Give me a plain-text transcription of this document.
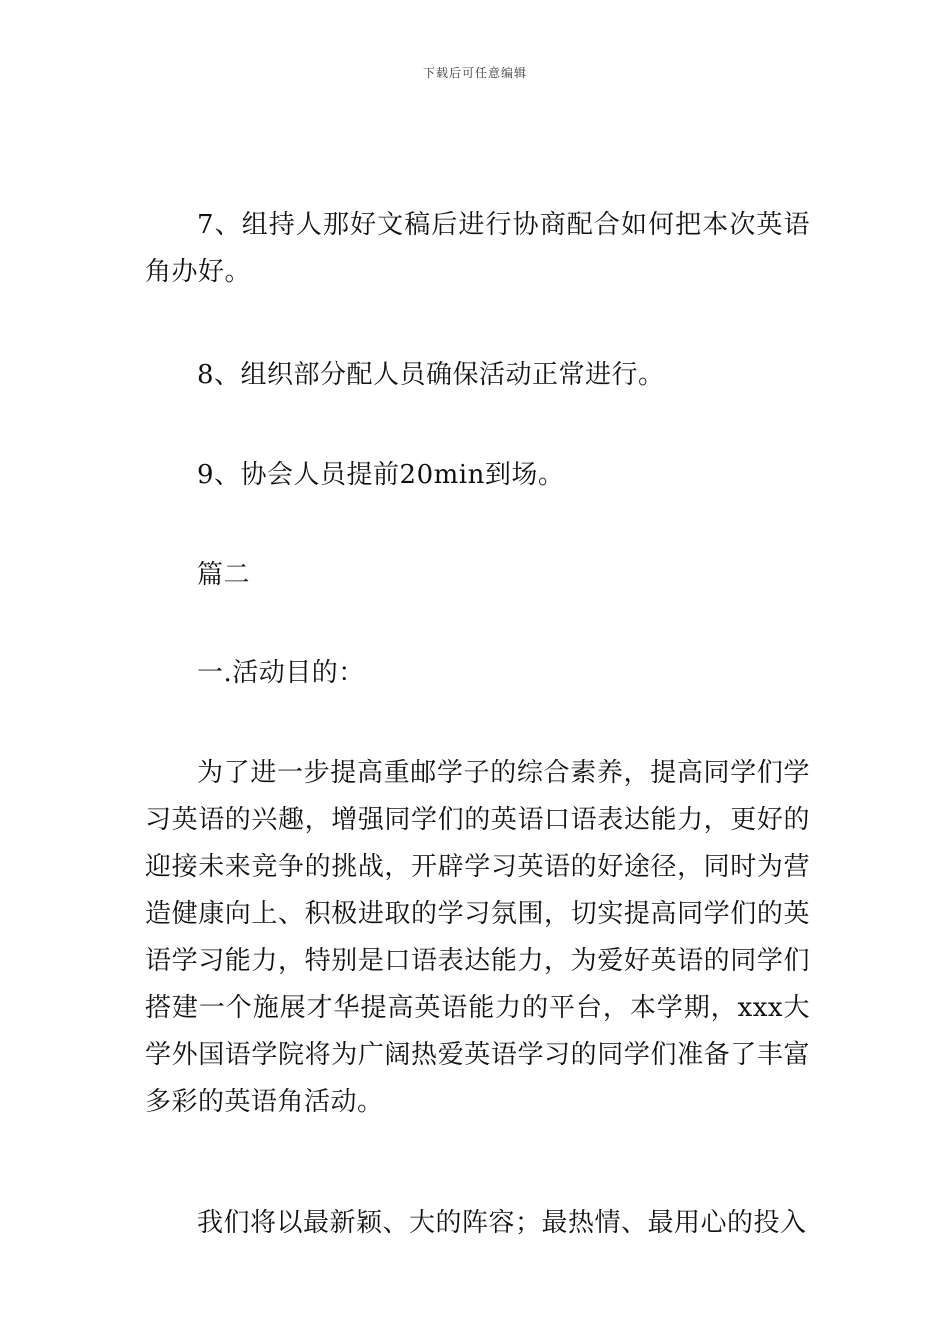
下载后可任意编辑

7、组持人那好文稿后进行协商配合如何把本次英语角办好。

8、组织部分配人员确保活动正常进行。

9、协会人员提前20min到场。

篇二

一.活动目的：

为了进一步提高重邮学子的综合素养，提高同学们学习英语的兴趣，增强同学们的英语口语表达能力，更好的迎接未来竞争的挑战，开辟学习英语的好途径，同时为营造健康向上、积极进取的学习氛围，切实提高同学们的英语学习能力，特别是口语表达能力，为爱好英语的同学们搭建一个施展才华提高英语能力的平台，本学期，xxx大学外国语学院将为广阔热爱英语学习的同学们准备了丰富多彩的英语角活动。

我们将以最新颖、大的阵容；最热情、最用心的投入
